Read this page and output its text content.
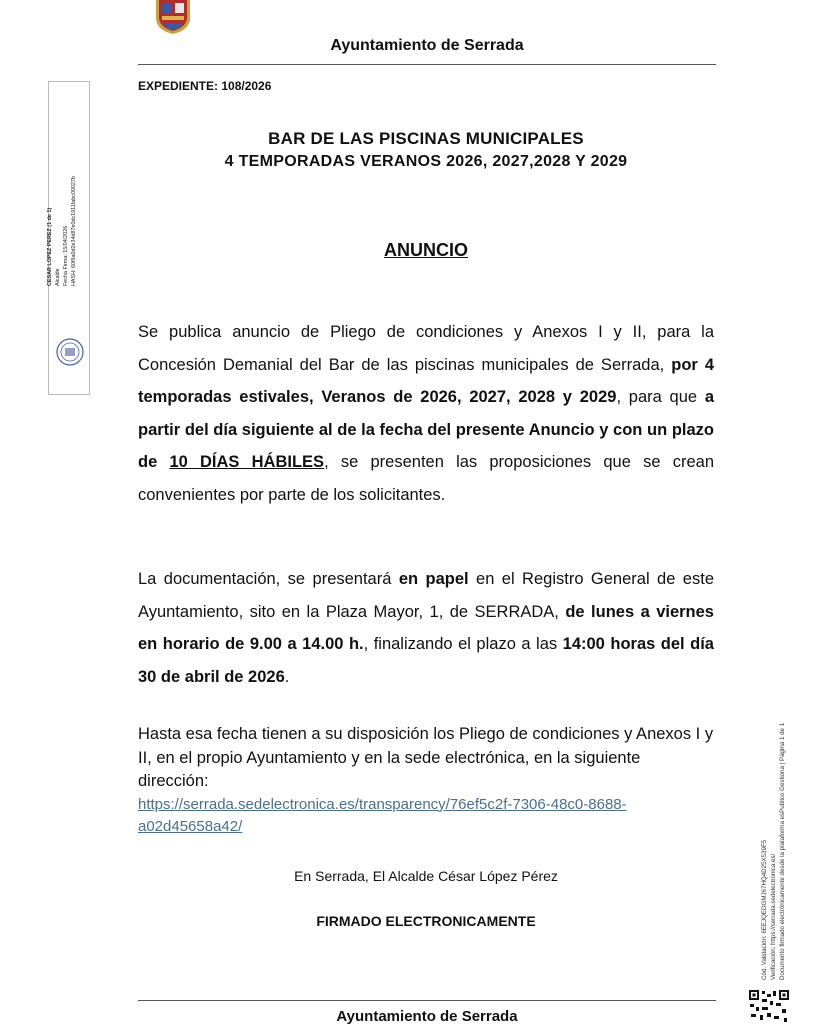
Ayuntamiento de Serrada
EXPEDIENTE: 108/2026
BAR DE LAS PISCINAS MUNICIPALES
4 TEMPORADAS VERANOS 2026, 2027,2028 Y 2029
ANUNCIO
Se publica anuncio de Pliego de condiciones y Anexos I y II, para la Concesión Demanial del Bar de las piscinas municipales de Serrada, por 4 temporadas estivales, Veranos de 2026, 2027, 2028 y 2029, para que a partir del día siguiente al de la fecha del presente Anuncio y con un plazo de 10 DÍAS HÁBILES, se presenten las proposiciones que se crean convenientes por parte de los solicitantes.
La documentación, se presentará en papel en el Registro General de este Ayuntamiento, sito en la Plaza Mayor, 1, de SERRADA, de lunes a viernes en horario de 9.00 a 14.00 h., finalizando el plazo a las 14:00 horas del día 30 de abril de 2026.
Hasta esa fecha tienen a su disposición los Pliego de condiciones y Anexos I y II, en el propio Ayuntamiento y en la sede electrónica, en la siguiente dirección:
https://serrada.sedelectronica.es/transparency/76ef5c2f-7306-48c0-8688-
a02d45658a42/
En Serrada, El Alcalde César López Pérez
FIRMADO ELECTRONICAMENTE
Ayuntamiento de Serrada
CESAR LOPEZ PEREZ (1 de 1) Alcalde Fecha Firma: 15/04/2026 HASH: 60f9a0d2e34d87e0dc1911fabc00027b
Cód. Validación: 6EEJQEDGMJ67HQ4D25X539F5 Verificación: https://serrada.sedelectronica.es/ Documento firmado electrónicamente desde la plataforma esPublico Gestiona | Página 1 de 1
